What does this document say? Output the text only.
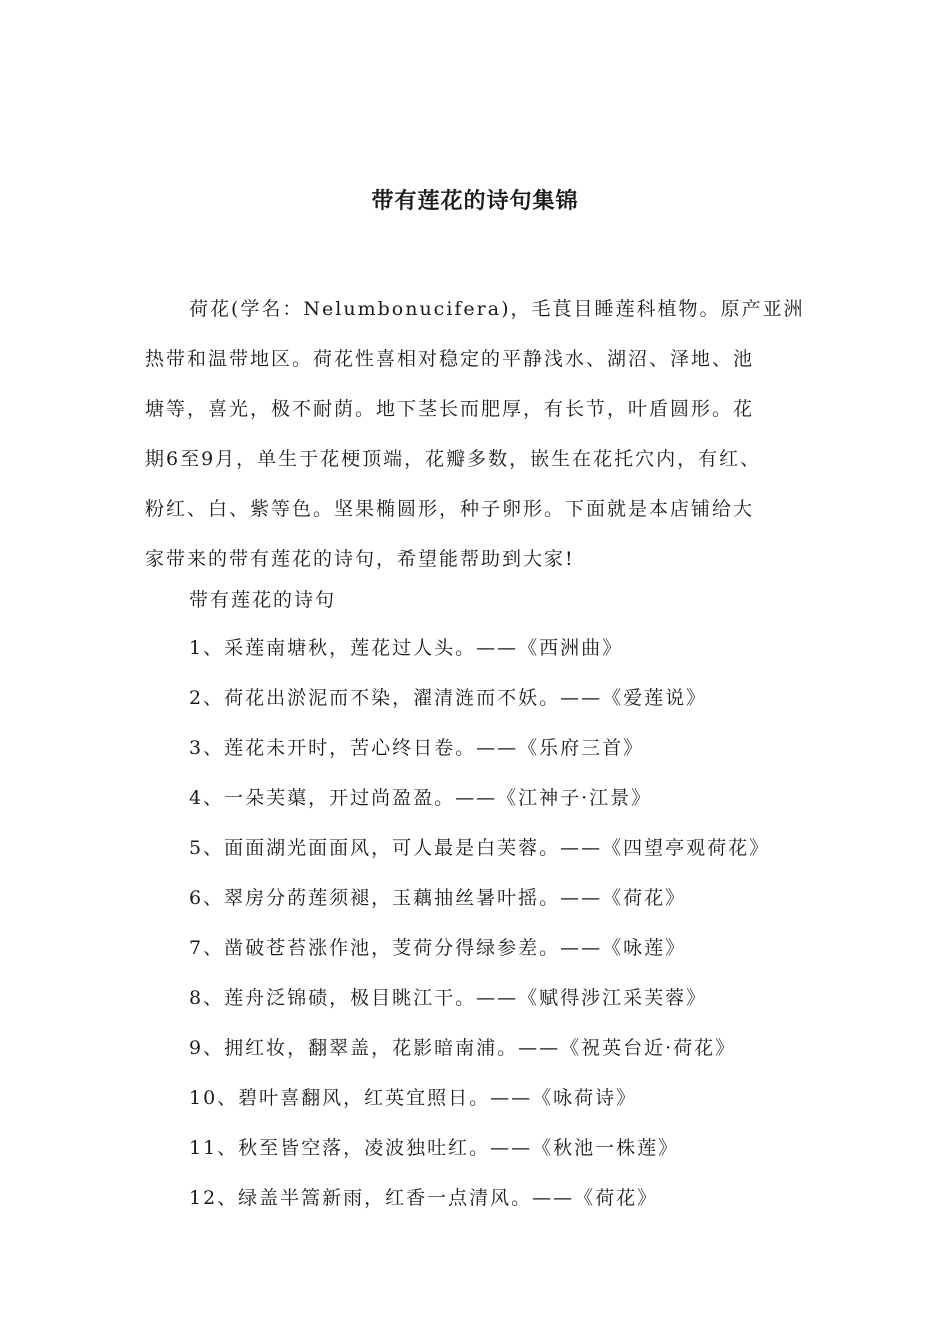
带有莲花的诗句集锦

荷花(学名：Nelumbonucifera)，毛茛目睡莲科植物。原产亚洲
热带和温带地区。荷花性喜相对稳定的平静浅水、湖沼、泽地、池
塘等，喜光，极不耐荫。地下茎长而肥厚，有长节，叶盾圆形。花
期6至9月，单生于花梗顶端，花瓣多数，嵌生在花托穴内，有红、
粉红、白、紫等色。坚果椭圆形，种子卵形。下面就是本店铺给大
家带来的带有莲花的诗句，希望能帮助到大家!

带有莲花的诗句
1、采莲南塘秋，莲花过人头。——《西洲曲》
2、荷花出淤泥而不染，濯清涟而不妖。——《爱莲说》
3、莲花未开时，苦心终日卷。——《乐府三首》
4、一朵芙蕖，开过尚盈盈。——《江神子·江景》
5、面面湖光面面风，可人最是白芙蓉。——《四望亭观荷花》
6、翠房分菂莲须褪，玉藕抽丝暑叶摇。——《荷花》
7、凿破苍苔涨作池，芰荷分得绿参差。——《咏莲》
8、莲舟泛锦碛，极目眺江干。——《赋得涉江采芙蓉》
9、拥红妆，翻翠盖，花影暗南浦。——《祝英台近·荷花》
10、碧叶喜翻风，红英宜照日。——《咏荷诗》
11、秋至皆空落，凌波独吐红。——《秋池一株莲》
12、绿盖半篙新雨，红香一点清风。——《荷花》
